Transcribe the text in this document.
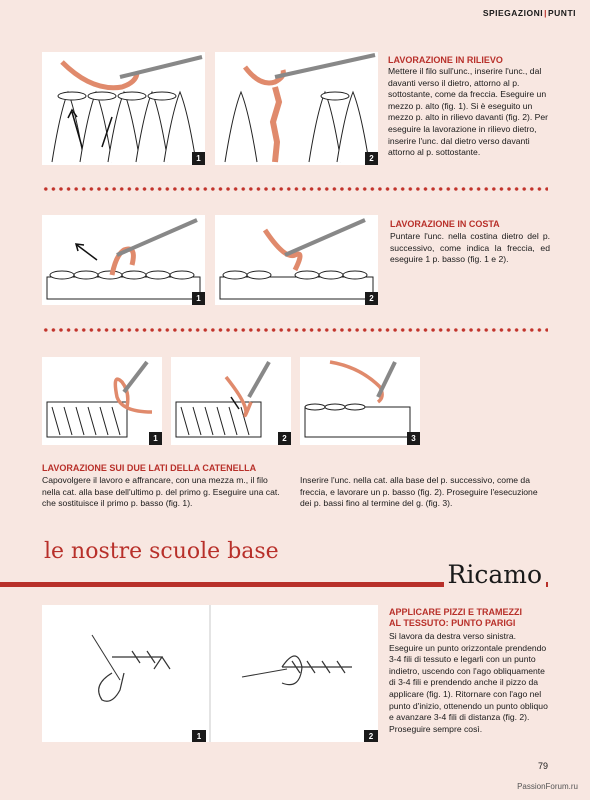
SPIEGAZIONI|PUNTI
1	2
LAVORAZIONE IN RILIEVO
Mettere il filo sull'unc., inserire l'unc., dal davanti verso il dietro, attorno al p. sottostante, come da freccia. Eseguire un mezzo p. alto (fig. 1). Si è eseguito un mezzo p. alto in rilievo davanti (fig. 2). Per eseguire la lavorazione in rilievo dietro, inserire l'unc. dal dietro verso davanti attorno al p. sottostante.
1	2
LAVORAZIONE IN COSTA
Puntare l'unc. nella costina dietro del p. successivo, come indica la freccia, ed eseguire 1 p. basso (fig. 1 e 2).
1	2	3
LAVORAZIONE SUI DUE LATI DELLA CATENELLA
Capovolgere il lavoro e affrancare, con una mezza m., il filo nella cat. alla base dell'ultimo p. del primo g. Eseguire una cat. che sostituisce il primo p. basso (fig. 1).
Inserire l'unc. nella cat. alla base del p. successivo, come da freccia, e lavorare un p. basso (fig. 2). Proseguire l'esecuzione dei p. bassi fino al termine del g. (fig. 3).
le nostre scuole base
Ricamo
1	2
APPLICARE PIZZI E TRAMEZZI
AL TESSUTO: PUNTO PARIGI
Si lavora da destra verso sinistra. Eseguire un punto orizzontale prendendo 3-4 fili di tessuto e legarli con un punto indietro, uscendo con l'ago obliquamente di 3-4 fili e prendendo anche il pizzo da applicare (fig. 1). Ritornare con l'ago nel punto d'inizio, ottenendo un punto obliquo e avanzare 3-4 fili di distanza (fig. 2). Proseguire sempre così.
79
PassionForum.ru
